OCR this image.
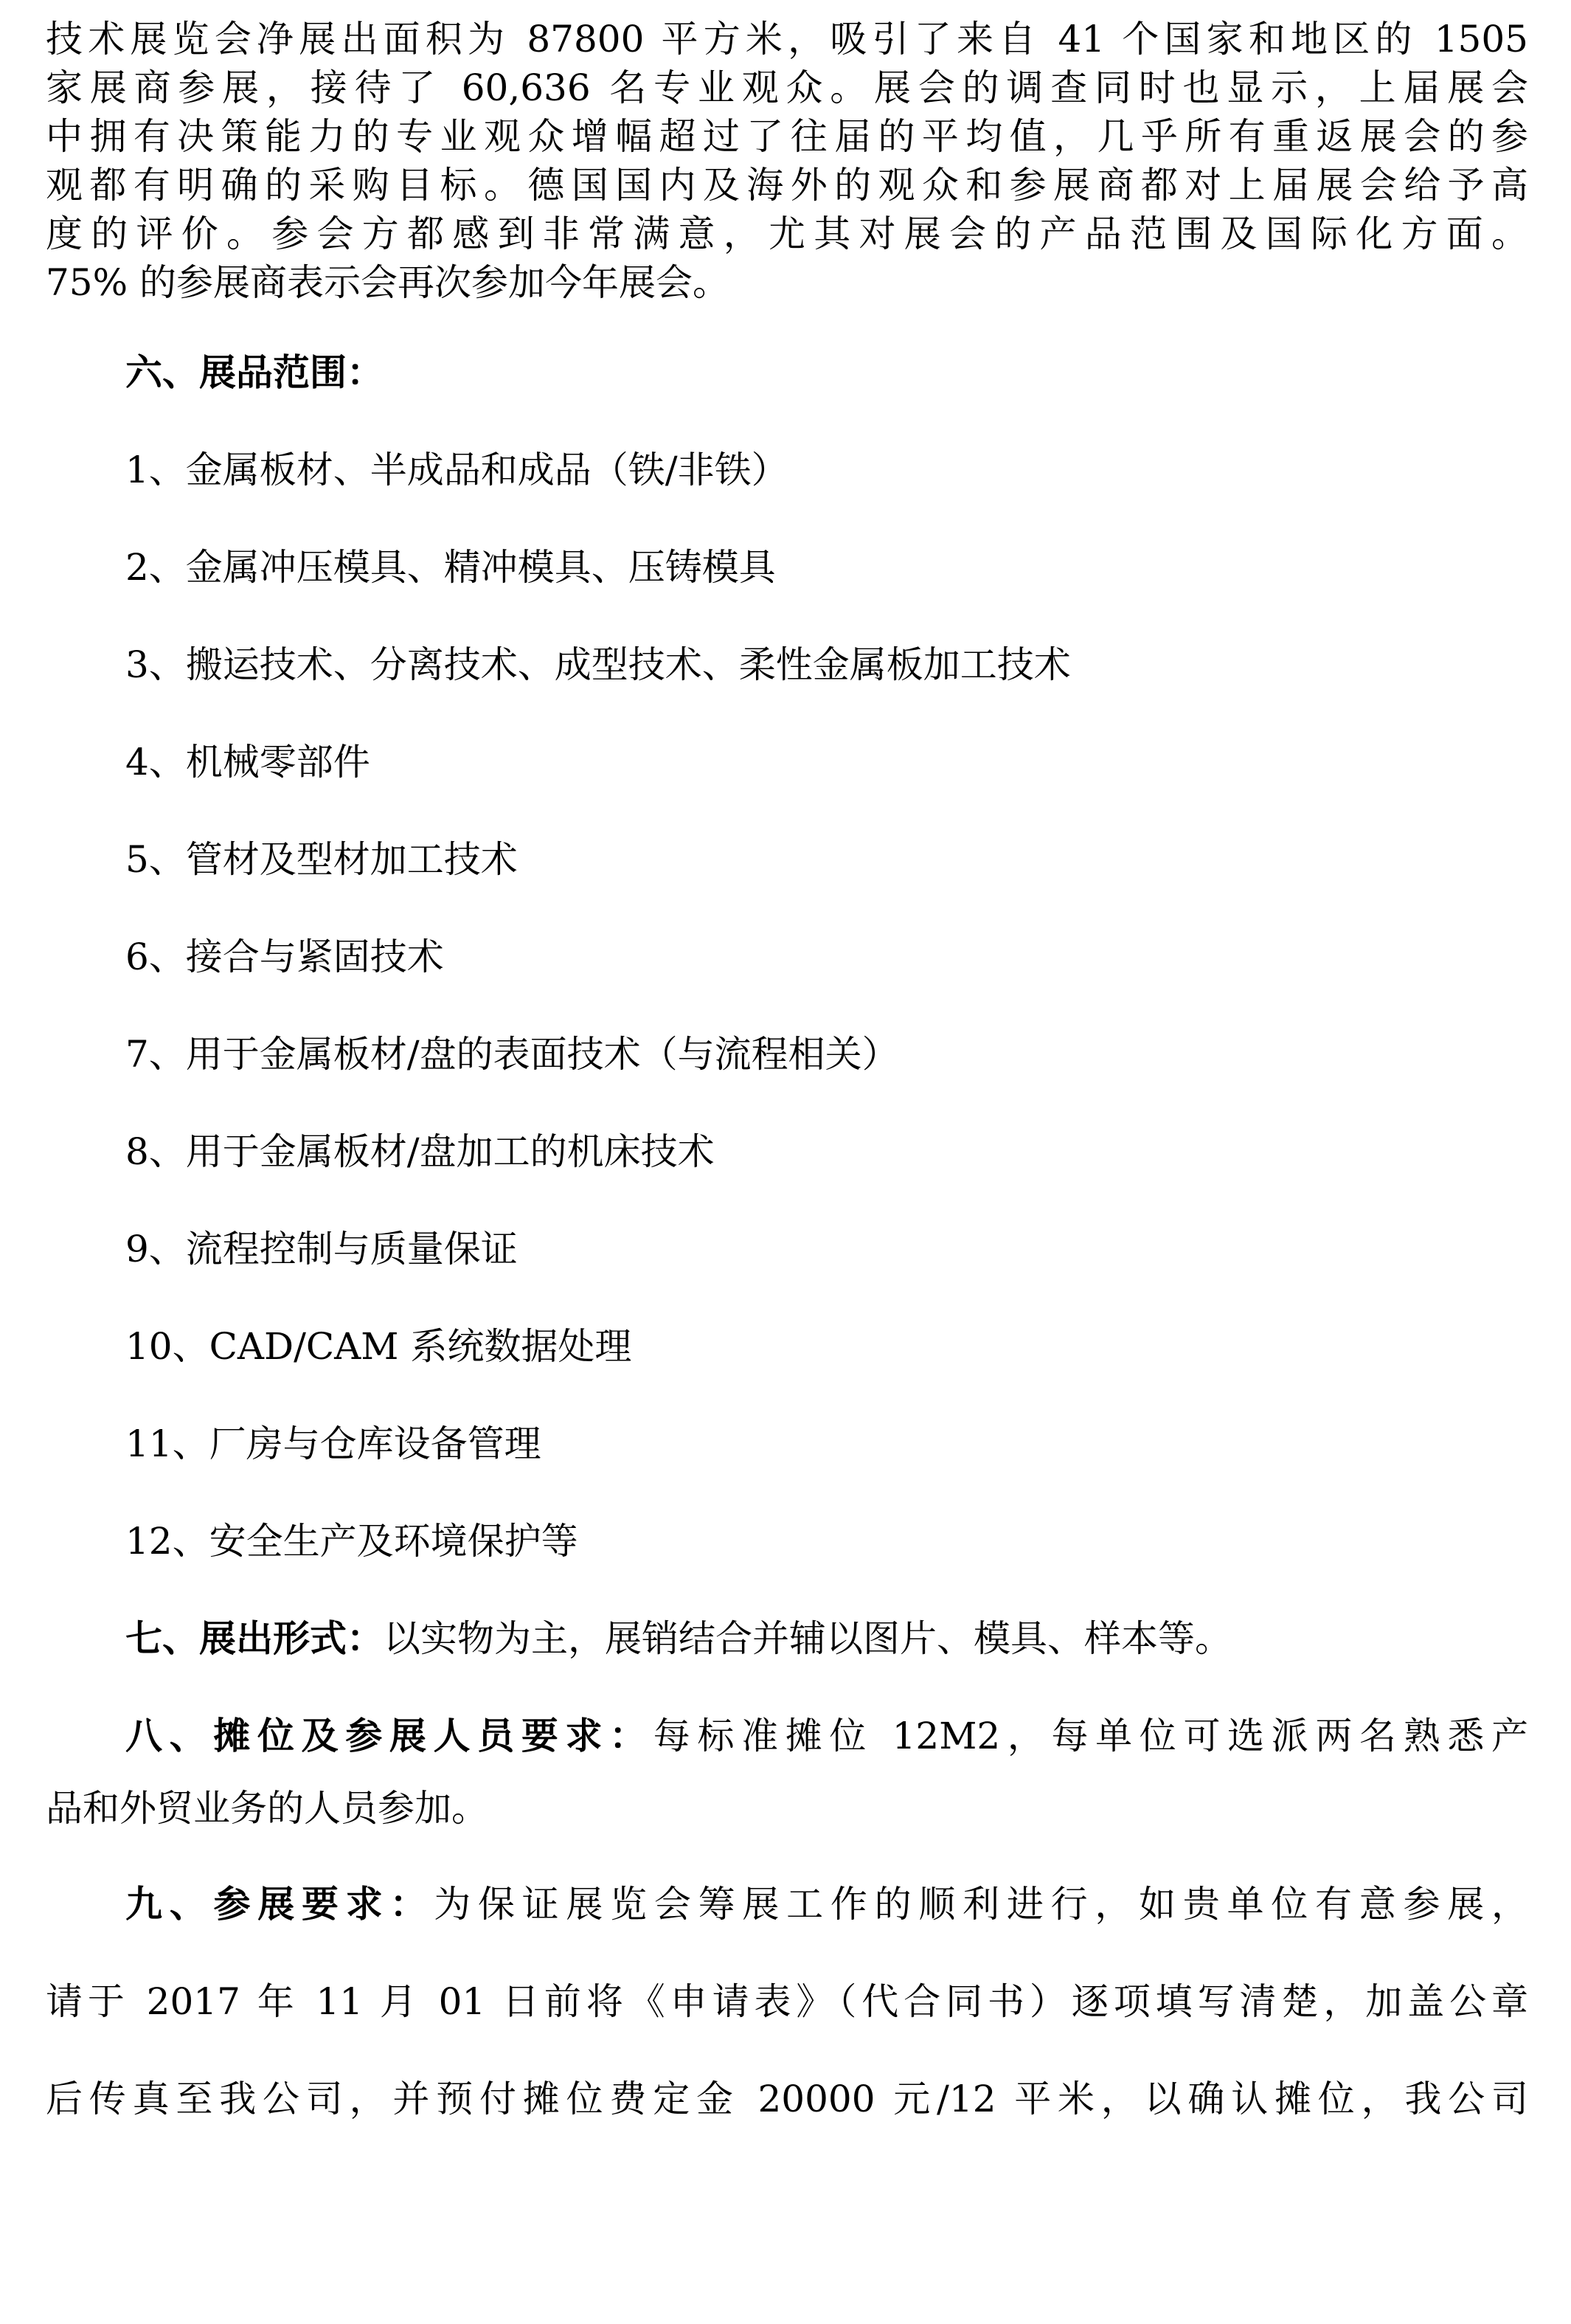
技术展览会净展出面积为 87800 平方米，吸引了来自 41 个国家和地区的 1505
家展商参展，接待了 60,636 名专业观众。展会的调查同时也显示，上届展会
中拥有决策能力的专业观众增幅超过了往届的平均值，几乎所有重返展会的参
观都有明确的采购目标。德国国内及海外的观众和参展商都对上届展会给予高
度的评价。参会方都感到非常满意，尤其对展会的产品范围及国际化方面。
75% 的参展商表示会再次参加今年展会。
六、展品范围：
1、金属板材、半成品和成品（铁/非铁）
2、金属冲压模具、精冲模具、压铸模具
3、搬运技术、分离技术、成型技术、柔性金属板加工技术
4、机械零部件
5、管材及型材加工技术
6、接合与紧固技术
7、用于金属板材/盘的表面技术（与流程相关）
8、用于金属板材/盘加工的机床技术
9、流程控制与质量保证
10、CAD/CAM 系统数据处理
11、厂房与仓库设备管理
12、安全生产及环境保护等
七、展出形式：以实物为主，展销结合并辅以图片、模具、样本等。
八、摊位及参展人员要求：每标准摊位 12M2，每单位可选派两名熟悉产
品和外贸业务的人员参加。
九、参展要求：为保证展览会筹展工作的顺利进行，如贵单位有意参展，
请于 2017 年 11 月 01 日前将《申请表》（代合同书）逐项填写清楚，加盖公章
后传真至我公司，并预付摊位费定金 20000 元/12 平米，以确认摊位，我公司
